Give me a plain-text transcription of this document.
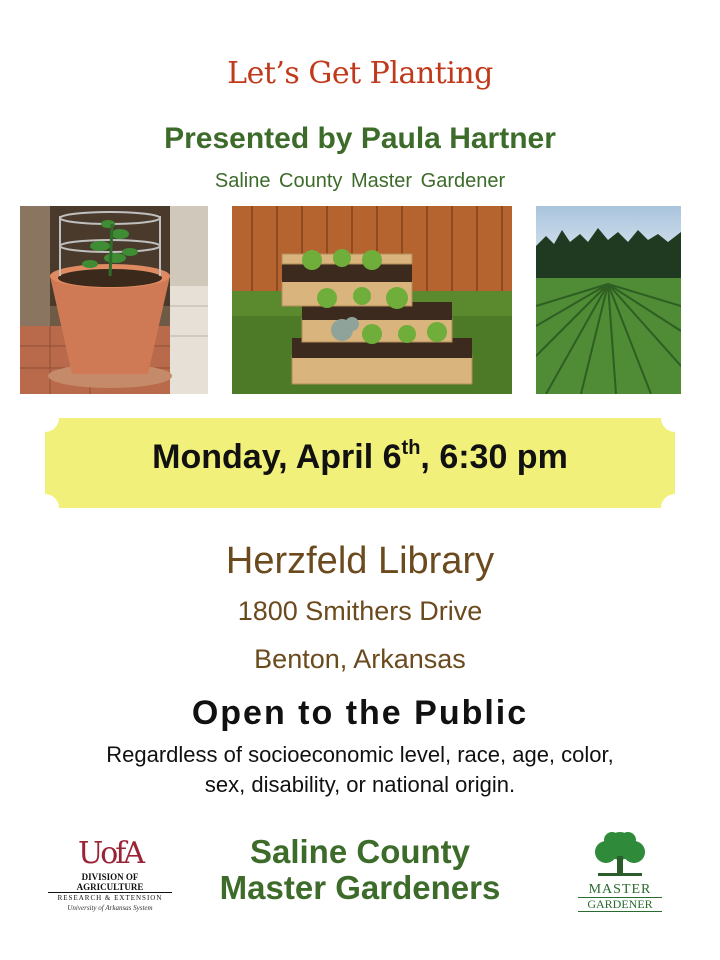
Let’s Get Planting
Presented by Paula Hartner
Saline County Master Gardener
Monday, April 6th, 6:30 pm
Herzfeld Library
1800 Smithers Drive
Benton, Arkansas
Open to the Public
Regardless of socioeconomic level, race, age, color,
sex, disability, or national origin.
Saline County
Master Gardeners
UofA
DIVISION OF AGRICULTURE
RESEARCH & EXTENSION
University of Arkansas System
MASTER
GARDENER
